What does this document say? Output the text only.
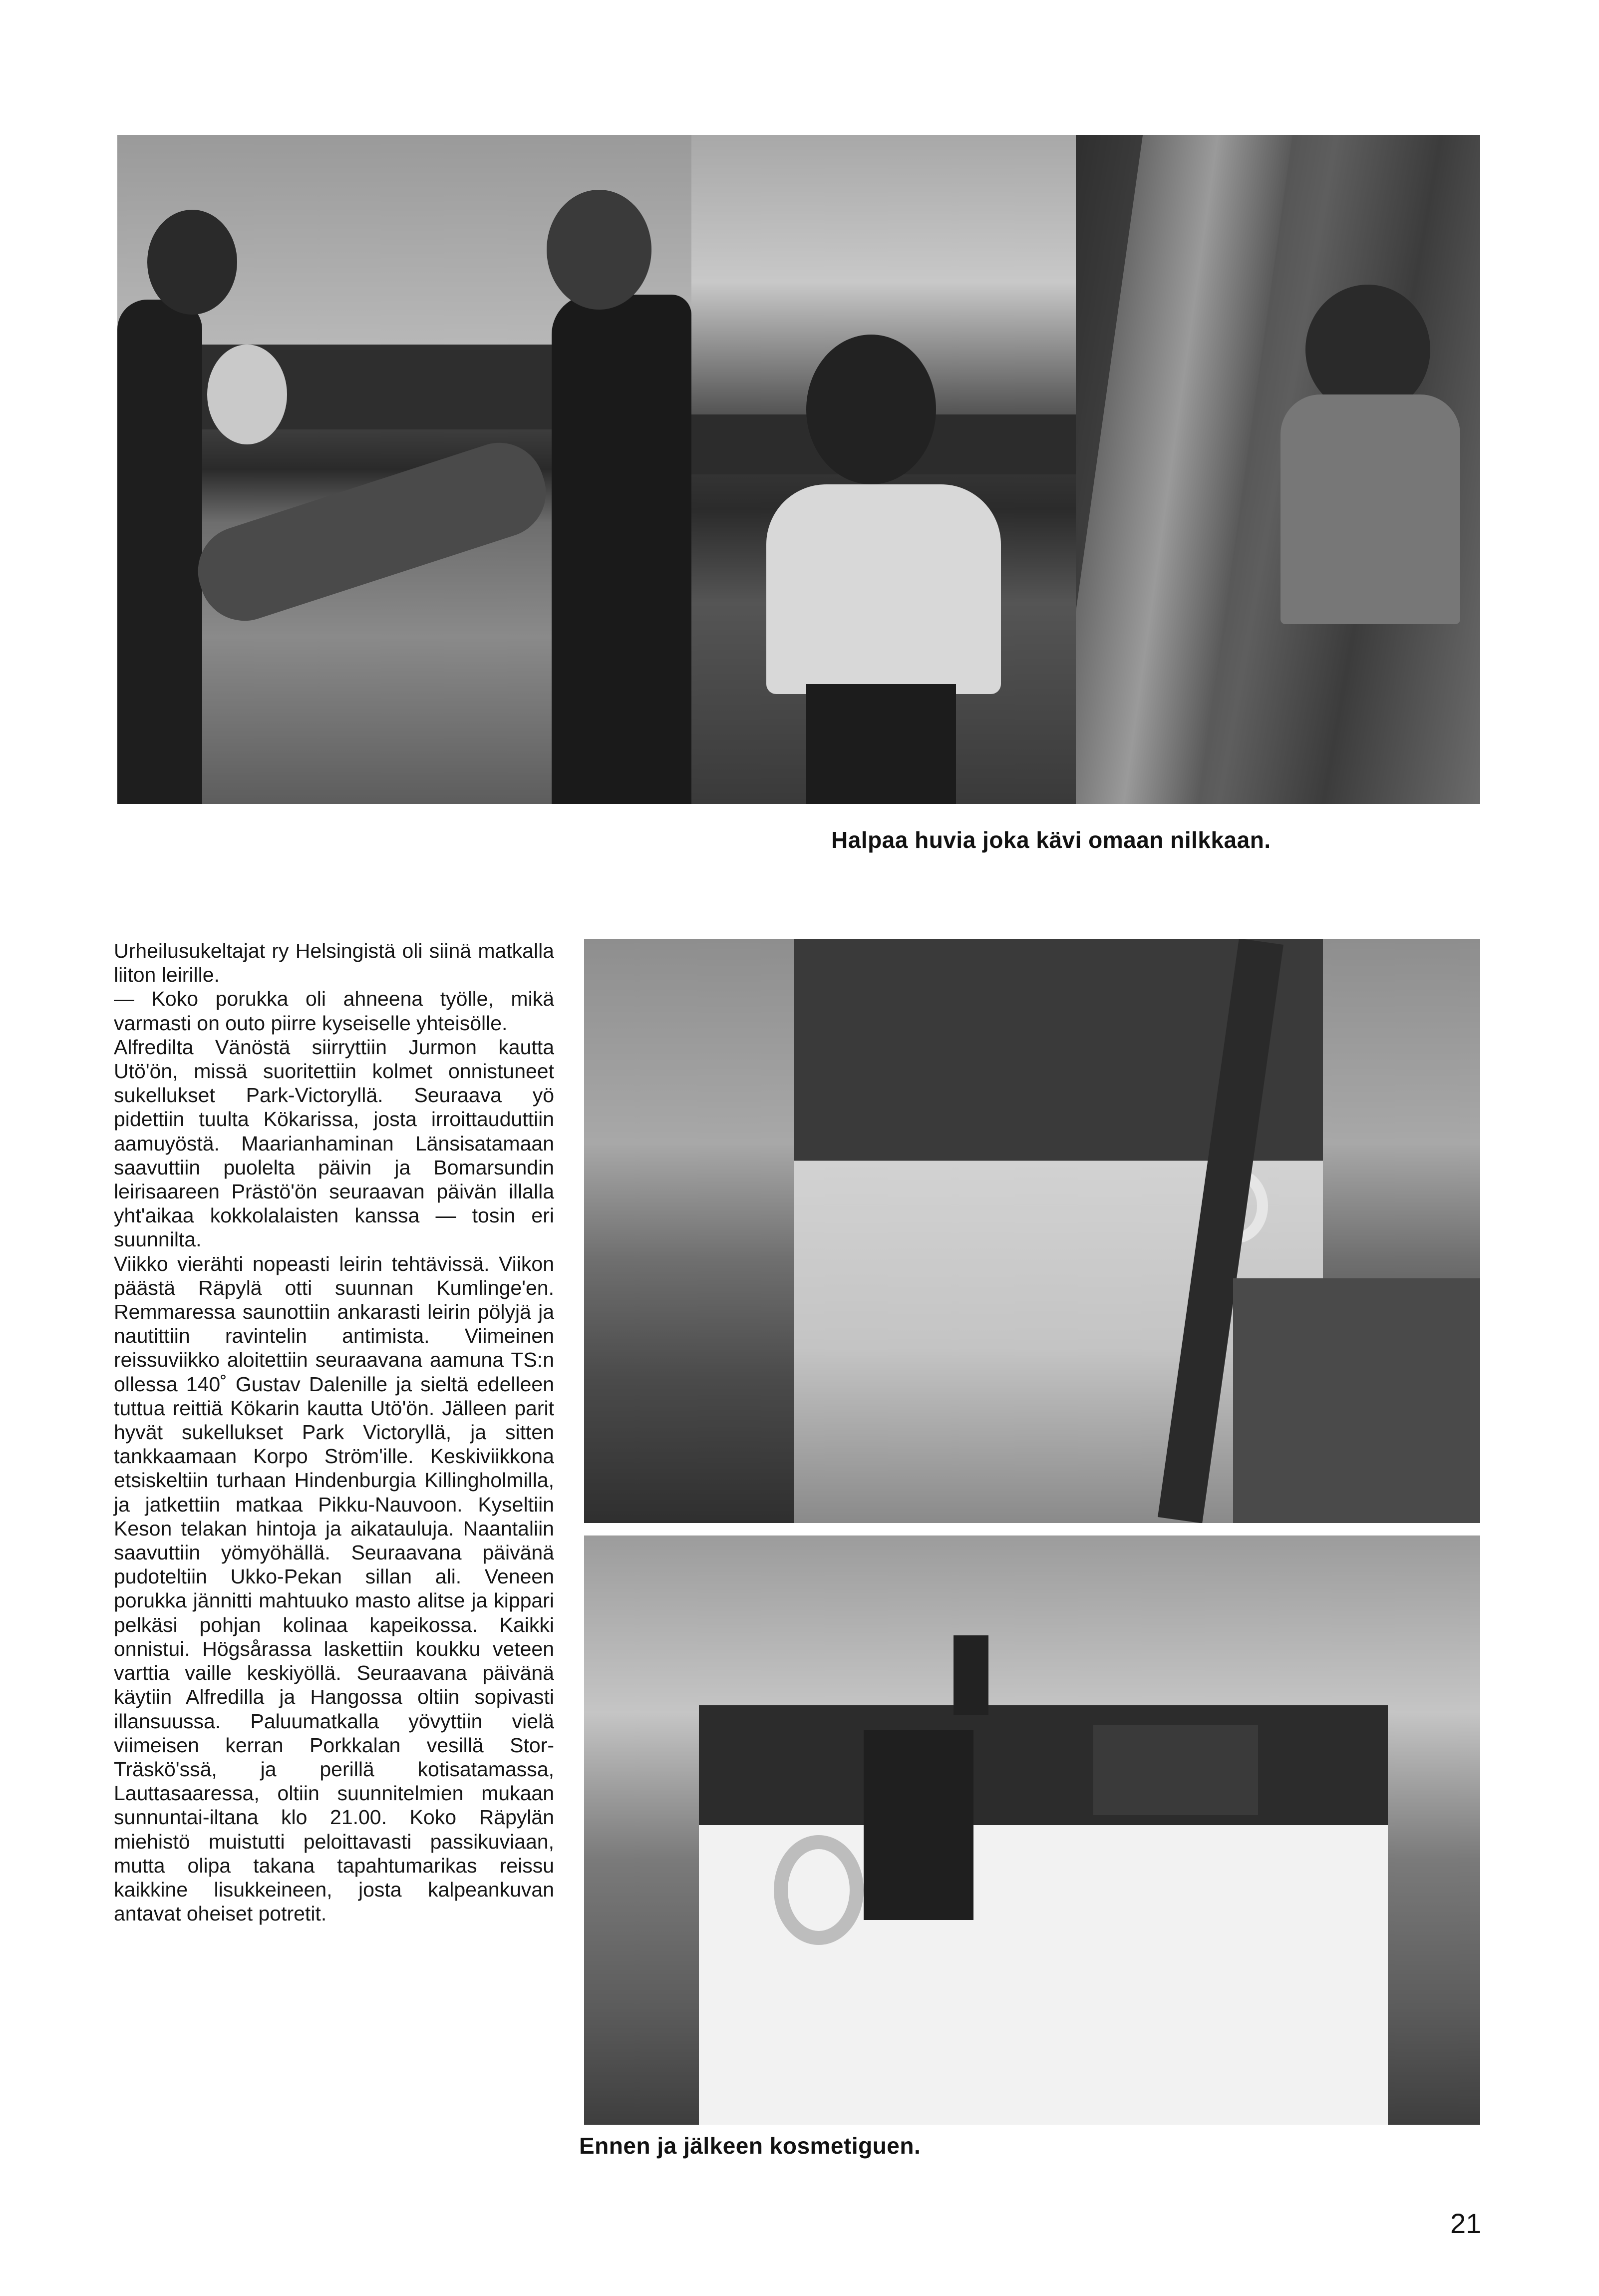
Halpaa huvia joka kävi omaan nilkkaan.

Urheilusukeltajat ry Helsingistä oli siinä matkalla liiton leirille.

— Koko porukka oli ahneena työlle, mikä varmasti on outo piirre kyseiselle yhteisölle.

Alfredilta Vänöstä siirryttiin Jurmon kautta Utö'ön, missä suoritettiin kolmet onnistuneet sukellukset Park-Victoryllä. Seuraava yö pidettiin tuulta Kökarissa, josta irroittauduttiin aamuyöstä. Maarianhaminan Länsisatamaan saavuttiin puolelta päivin ja Bomarsundin leirisaareen Prästö'ön seuraavan päivän illalla yht'aikaa kokkolalaisten kanssa — tosin eri suunnilta.

Viikko vierähti nopeasti leirin tehtävissä. Viikon päästä Räpylä otti suunnan Kumlinge'en. Remmaressa saunottiin ankarasti leirin pölyjä ja nautittiin ravintelin antimista. Viimeinen reissuviikko aloitettiin seuraavana aamuna TS:n ollessa 140˚ Gustav Dalenille ja sieltä edelleen tuttua reittiä Kökarin kautta Utö'ön. Jälleen parit hyvät sukellukset Park Victoryllä, ja sitten tankkaamaan Korpo Ström'ille. Keskiviikkona etsiskeltiin turhaan Hindenburgia Killingholmilla, ja jatkettiin matkaa Pikku-Nauvoon. Kyseltiin Keson telakan hintoja ja aikatauluja. Naantaliin saavuttiin yömyöhällä. Seuraavana päivänä pudoteltiin Ukko-Pekan sillan ali. Veneen porukka jännitti mahtuuko masto alitse ja kippari pelkäsi pohjan kolinaa kapeikossa. Kaikki onnistui. Högsårassa laskettiin koukku veteen varttia vaille keskiyöllä. Seuraavana päivänä käytiin Alfredilla ja Hangossa oltiin sopivasti illansuussa. Paluumatkalla yövyttiin vielä viimeisen kerran Porkkalan vesillä Stor-Träskö'ssä, ja perillä kotisatamassa, Lauttasaaressa, oltiin suunnitelmien mukaan sunnuntai-iltana klo 21.00. Koko Räpylän miehistö muistutti peloittavasti passikuviaan, mutta olipa takana tapahtumarikas reissu kaikkine lisukkeineen, josta kalpeankuvan antavat oheiset potretit.

Ennen ja jälkeen kosmetiguen.
21
